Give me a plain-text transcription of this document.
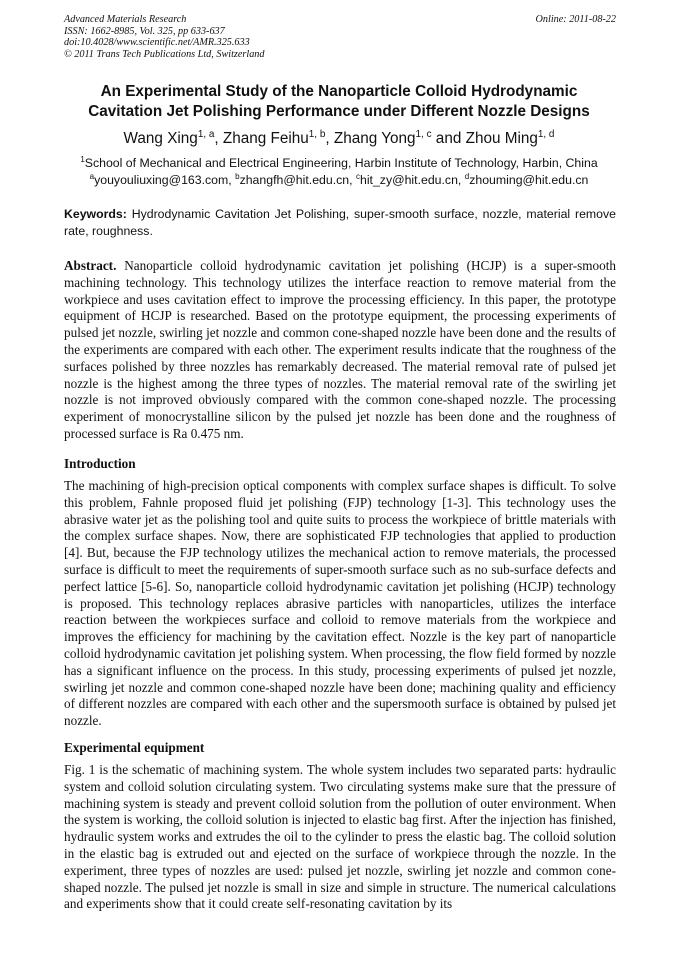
Advanced Materials Research
ISSN: 1662-8985, Vol. 325, pp 633-637
doi:10.4028/www.scientific.net/AMR.325.633
© 2011 Trans Tech Publications Ltd, Switzerland
Online: 2011-08-22
An Experimental Study of the Nanoparticle Colloid Hydrodynamic
Cavitation Jet Polishing Performance under Different Nozzle Designs
Wang Xing$^{1, a}$, Zhang Feihu$^{1, b}$, Zhang Yong$^{1, c}$ and Zhou Ming$^{1, d}$
$^1$School of Mechanical and Electrical Engineering, Harbin Institute of Technology, Harbin, China
$^a$youyouliuxing@163.com, $^b$zhangfh@hit.edu.cn, $^c$hit_zy@hit.edu.cn, $^d$zhouming@hit.edu.cn
Keywords: Hydrodynamic Cavitation Jet Polishing, super-smooth surface, nozzle, material remove rate, roughness.

Abstract. Nanoparticle colloid hydrodynamic cavitation jet polishing (HCJP) is a super-smooth machining technology. This technology utilizes the interface reaction to remove material from the workpiece and uses cavitation effect to improve the processing efficiency. In this paper, the prototype equipment of HCJP is researched. Based on the prototype equipment, the processing experiments of pulsed jet nozzle, swirling jet nozzle and common cone-shaped nozzle have been done and the results of the experiments are compared with each other. The experiment results indicate that the roughness of the surfaces polished by three nozzles has remarkably decreased. The material removal rate of pulsed jet nozzle is the highest among the three types of nozzles. The material removal rate of the swirling jet nozzle is not improved obviously compared with the common cone-shaped nozzle. The processing experiment of monocrystalline silicon by the pulsed jet nozzle has been done and the roughness of processed surface is Ra 0.475 nm.

Introduction

The machining of high-precision optical components with complex surface shapes is difficult. To solve this problem, Fahnle proposed fluid jet polishing (FJP) technology [1-3]. This technology uses the abrasive water jet as the polishing tool and quite suits to process the workpiece of brittle materials with the complex surface shapes. Now, there are sophisticated FJP technologies that applied to production [4]. But, because the FJP technology utilizes the mechanical action to remove materials, the processed surface is difficult to meet the requirements of super-smooth surface such as no sub-surface defects and perfect lattice [5-6]. So, nanoparticle colloid hydrodynamic cavitation jet polishing (HCJP) technology is proposed. This technology replaces abrasive particles with nanoparticles, utilizes the interface reaction between the workpieces surface and colloid to remove materials from the workpiece and improves the efficiency for machining by the cavitation effect. Nozzle is the key part of nanoparticle colloid hydrodynamic cavitation jet polishing system. When processing, the flow field formed by nozzle has a significant influence on the process. In this study, processing experiments of pulsed jet nozzle, swirling jet nozzle and common cone-shaped nozzle have been done; machining quality and efficiency of different nozzles are compared with each other and the supersmooth surface is obtained by pulsed jet nozzle.

Experimental equipment

Fig. 1 is the schematic of machining system. The whole system includes two separated parts: hydraulic system and colloid solution circulating system. Two circulating systems make sure that the pressure of machining system is steady and prevent colloid solution from the pollution of outer environment. When the system is working, the colloid solution is injected to elastic bag first. After the injection has finished, hydraulic system works and extrudes the oil to the cylinder to press the elastic bag. The colloid solution in the elastic bag is extruded out and ejected on the surface of workpiece through the nozzle. In the experiment, three types of nozzles are used: pulsed jet nozzle, swirling jet nozzle and common cone-shaped nozzle. The pulsed jet nozzle is small in size and simple in structure. The numerical calculations and experiments show that it could create self-resonating cavitation by its
